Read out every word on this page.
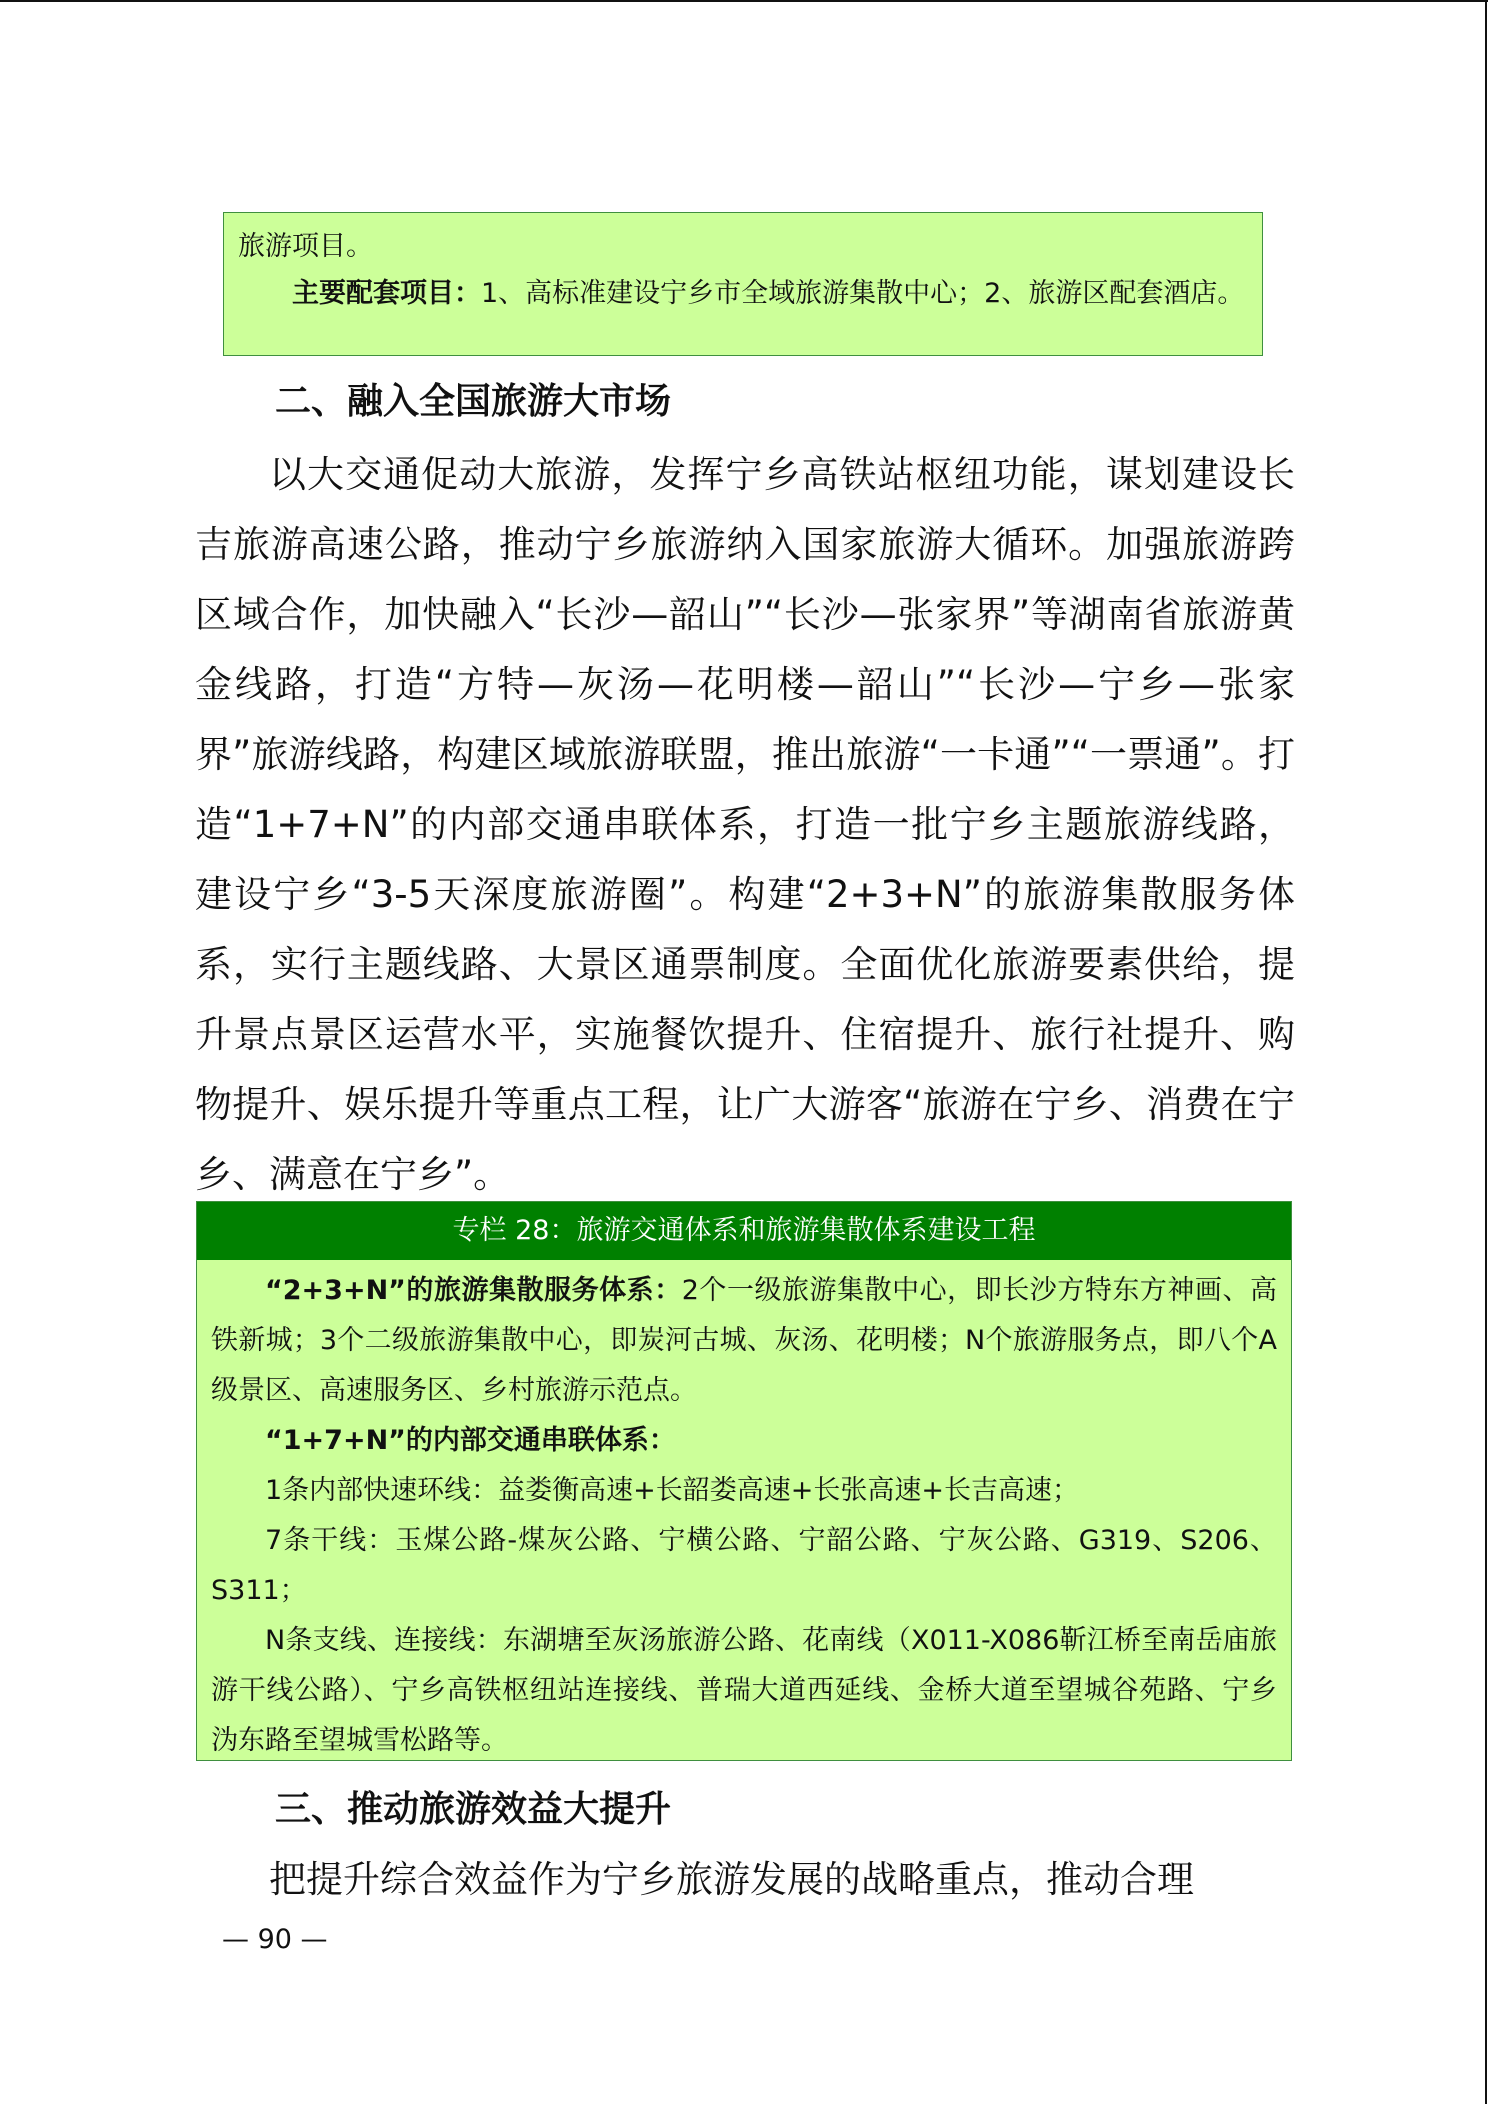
旅游项目。

主要配套项目：1、高标准建设宁乡市全域旅游集散中心；2、旅游区配套酒店。

二、融入全国旅游大市场

以大交通促动大旅游，发挥宁乡高铁站枢纽功能，谋划建设长吉旅游高速公路，推动宁乡旅游纳入国家旅游大循环。加强旅游跨区域合作，加快融入“长沙—韶山”“长沙—张家界”等湖南省旅游黄金线路，打造“方特—灰汤—花明楼—韶山”“长沙—宁乡—张家界”旅游线路，构建区域旅游联盟，推出旅游“一卡通”“一票通”。打造“1+7+N”的内部交通串联体系，打造一批宁乡主题旅游线路，建设宁乡“3-5天深度旅游圈”。构建“2+3+N”的旅游集散服务体系，实行主题线路、大景区通票制度。全面优化旅游要素供给，提升景点景区运营水平，实施餐饮提升、住宿提升、旅行社提升、购物提升、娱乐提升等重点工程，让广大游客“旅游在宁乡、消费在宁乡、满意在宁乡”。

专栏 28：旅游交通体系和旅游集散体系建设工程

“2+3+N”的旅游集散服务体系：2个一级旅游集散中心，即长沙方特东方神画、高铁新城；3个二级旅游集散中心，即炭河古城、灰汤、花明楼；N个旅游服务点，即八个A级景区、高速服务区、乡村旅游示范点。

“1+7+N”的内部交通串联体系：

1条内部快速环线：益娄衡高速+长韶娄高速+长张高速+长吉高速；

7条干线：玉煤公路-煤灰公路、宁横公路、宁韶公路、宁灰公路、G319、S206、S311；

N条支线、连接线：东湖塘至灰汤旅游公路、花南线（X011-X086靳江桥至南岳庙旅游干线公路）、宁乡高铁枢纽站连接线、普瑞大道西延线、金桥大道至望城谷苑路、宁乡沩东路至望城雪松路等。

三、推动旅游效益大提升

把提升综合效益作为宁乡旅游发展的战略重点，推动合理

— 90 —
